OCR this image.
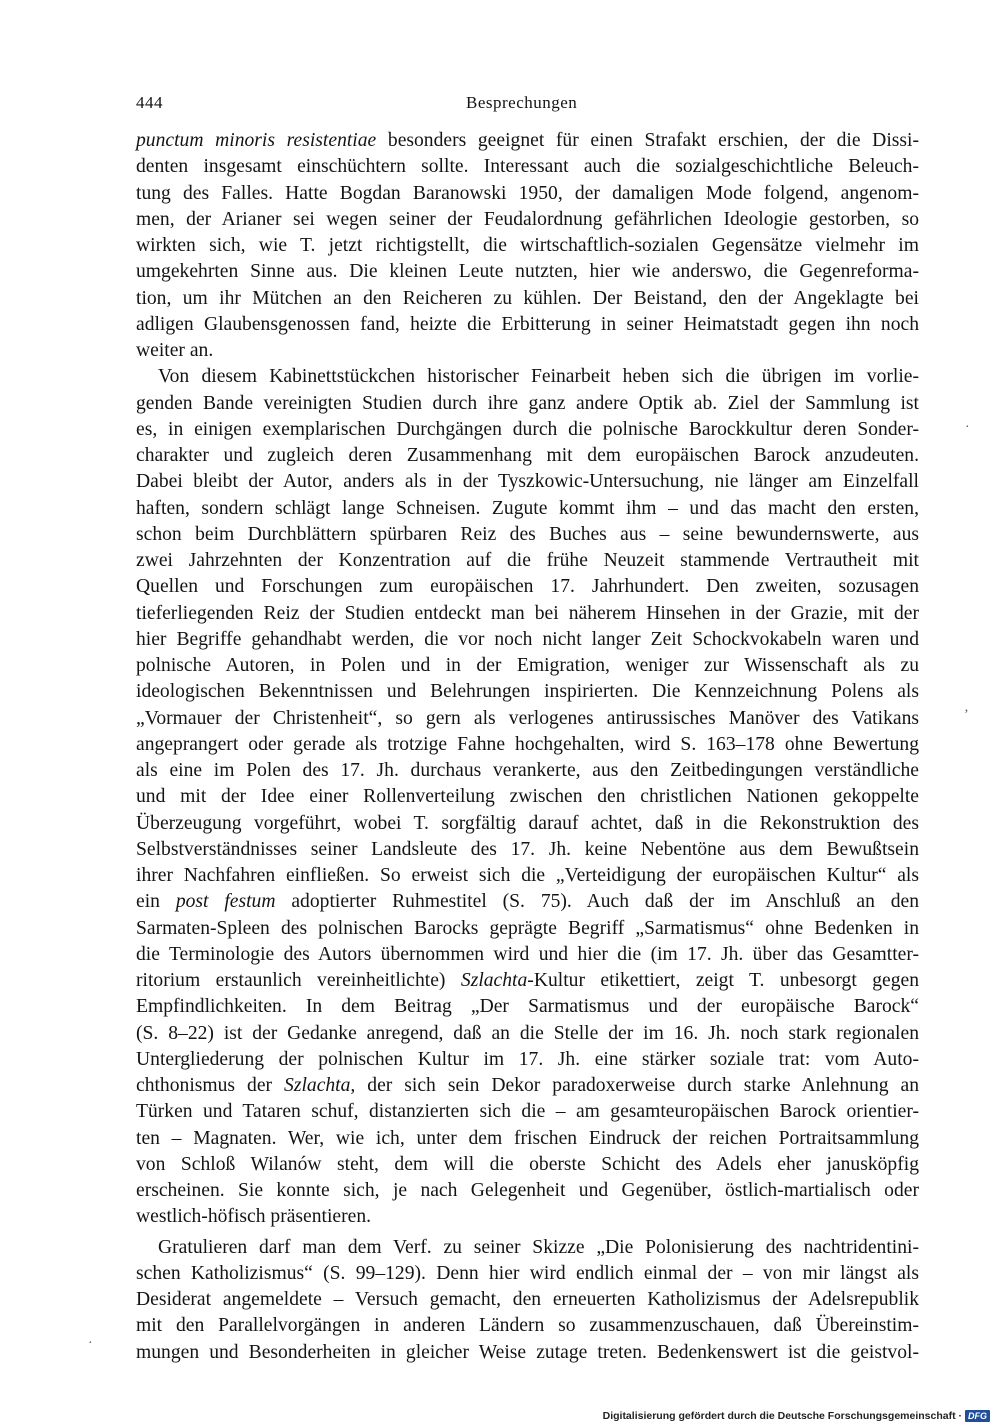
444	Besprechungen
punctum minoris resistentiae besonders geeignet für einen Strafakt erschien, der die Dissi-
denten insgesamt einschüchtern sollte. Interessant auch die sozialgeschichtliche Beleuch-
tung des Falles. Hatte Bogdan Baranowski 1950, der damaligen Mode folgend, angenom-
men, der Arianer sei wegen seiner der Feudalordnung gefährlichen Ideologie gestorben, so
wirkten sich, wie T. jetzt richtigstellt, die wirtschaftlich-sozialen Gegensätze vielmehr im
umgekehrten Sinne aus. Die kleinen Leute nutzten, hier wie anderswo, die Gegenreforma-
tion, um ihr Mütchen an den Reicheren zu kühlen. Der Beistand, den der Angeklagte bei
adligen Glaubensgenossen fand, heizte die Erbitterung in seiner Heimatstadt gegen ihn noch
weiter an.
Von diesem Kabinettstückchen historischer Feinarbeit heben sich die übrigen im vorlie-
genden Bande vereinigten Studien durch ihre ganz andere Optik ab. Ziel der Sammlung ist
es, in einigen exemplarischen Durchgängen durch die polnische Barockkultur deren Sonder-
charakter und zugleich deren Zusammenhang mit dem europäischen Barock anzudeuten.
Dabei bleibt der Autor, anders als in der Tyszkowic-Untersuchung, nie länger am Einzelfall
haften, sondern schlägt lange Schneisen. Zugute kommt ihm – und das macht den ersten,
schon beim Durchblättern spürbaren Reiz des Buches aus – seine bewundernswerte, aus
zwei Jahrzehnten der Konzentration auf die frühe Neuzeit stammende Vertrautheit mit
Quellen und Forschungen zum europäischen 17. Jahrhundert. Den zweiten, sozusagen
tieferliegenden Reiz der Studien entdeckt man bei näherem Hinsehen in der Grazie, mit der
hier Begriffe gehandhabt werden, die vor noch nicht langer Zeit Schockvokabeln waren und
polnische Autoren, in Polen und in der Emigration, weniger zur Wissenschaft als zu
ideologischen Bekenntnissen und Belehrungen inspirierten. Die Kennzeichnung Polens als
„Vormauer der Christenheit“, so gern als verlogenes antirussisches Manöver des Vatikans
angeprangert oder gerade als trotzige Fahne hochgehalten, wird S. 163–178 ohne Bewertung
als eine im Polen des 17. Jh. durchaus verankerte, aus den Zeitbedingungen verständliche
und mit der Idee einer Rollenverteilung zwischen den christlichen Nationen gekoppelte
Überzeugung vorgeführt, wobei T. sorgfältig darauf achtet, daß in die Rekonstruktion des
Selbstverständnisses seiner Landsleute des 17. Jh. keine Nebentöne aus dem Bewußtsein
ihrer Nachfahren einfließen. So erweist sich die „Verteidigung der europäischen Kultur“ als
ein post festum adoptierter Ruhmestitel (S. 75). Auch daß der im Anschluß an den
Sarmaten-Spleen des polnischen Barocks geprägte Begriff „Sarmatismus“ ohne Bedenken in
die Terminologie des Autors übernommen wird und hier die (im 17. Jh. über das Gesamtter-
ritorium erstaunlich vereinheitlichte) Szlachta-Kultur etikettiert, zeigt T. unbesorgt gegen
Empfindlichkeiten. In dem Beitrag „Der Sarmatismus und der europäische Barock“
(S. 8–22) ist der Gedanke anregend, daß an die Stelle der im 16. Jh. noch stark regionalen
Untergliederung der polnischen Kultur im 17. Jh. eine stärker soziale trat: vom Auto-
chthonismus der Szlachta, der sich sein Dekor paradoxerweise durch starke Anlehnung an
Türken und Tataren schuf, distanzierten sich die – am gesamteuropäischen Barock orientier-
ten – Magnaten. Wer, wie ich, unter dem frischen Eindruck der reichen Portraitsammlung
von Schloß Wilanów steht, dem will die oberste Schicht des Adels eher janusköpfig
erscheinen. Sie konnte sich, je nach Gelegenheit und Gegenüber, östlich-martialisch oder
westlich-höfisch präsentieren.
Gratulieren darf man dem Verf. zu seiner Skizze „Die Polonisierung des nachtridentini-
schen Katholizismus“ (S. 99–129). Denn hier wird endlich einmal der – von mir längst als
Desiderat angemeldete – Versuch gemacht, den erneuerten Katholizismus der Adelsrepublik
mit den Parallelvorgängen in anderen Ländern so zusammenzuschauen, daß Übereinstim-
mungen und Besonderheiten in gleicher Weise zutage treten. Bedenkenswert ist die geistvol-
·
‚
·
Digitalisierung gefördert durch die Deutsche Forschungsgemeinschaft · DFG
